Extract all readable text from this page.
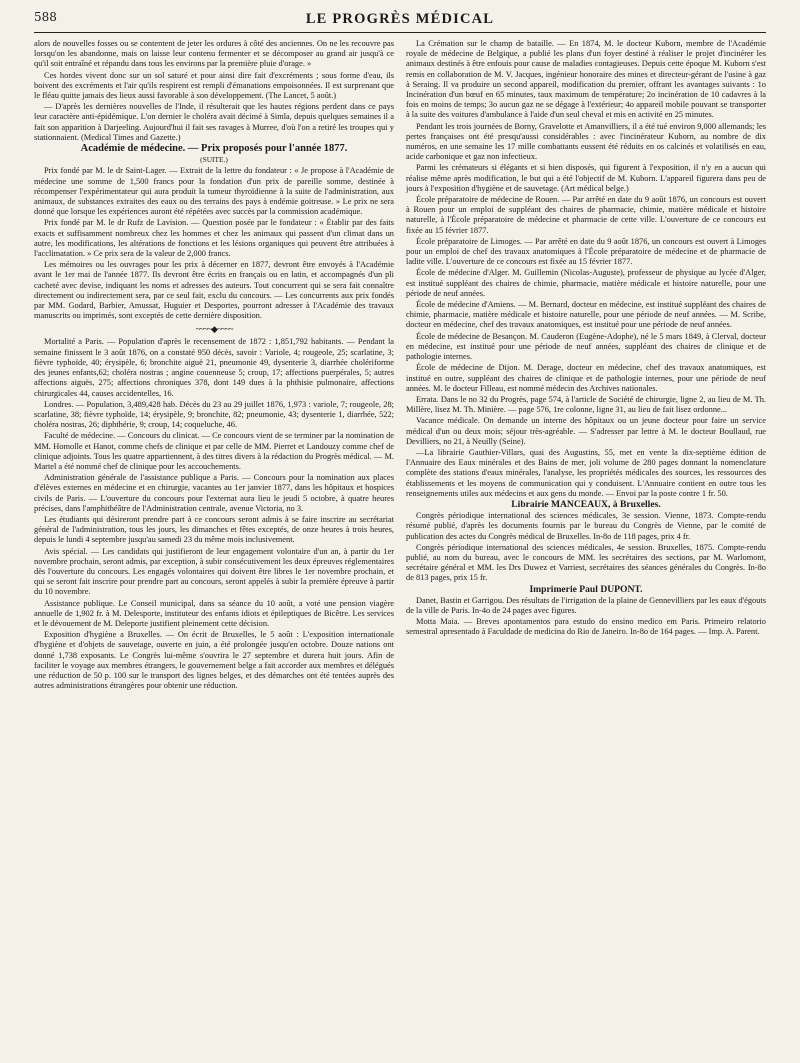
588	LE PROGRÈS MÉDICAL

alors de nouvelles fosses ou se contentent de jeter les ordures à côté des anciennes. On ne les recouvre pas lorsqu'on les abandonne, mais on laisse leur contenu fermenter et se décomposer au grand air jusqu'à ce qu'il soit entraîné et répandu dans tous les environs par la première pluie d'orage. »

Ces hordes vivent donc sur un sol saturé et pour ainsi dire fait d'excréments ; sous forme d'eau, ils boivent des excréments et l'air qu'ils respirent est rempli d'émanations empoisonnées. Il est surprenant que le fléau quitte jamais des lieux aussi favorable à son développement. (The Lancet, 5 août.)

— D'après les dernières nouvelles de l'Inde, il résulterait que les hautes régions perdent dans ce pays leur caractère anti-épidémique. L'on dernier le choléra avait décimé à Simla, depuis quelques semaines il a fait son apparition à Darjeeling. Aujourd'hui il fait ses ravages à Murree, d'où l'on a retiré les troupes qui y stationnaient. (Medical Times and Gazette.)

Académie de médecine. — Prix proposés pour l'année 1877.

(SUITE.)

Prix fondé par M. le dr Saint-Lager. — Extrait de la lettre du fondateur : « Je propose à l'Académie de médecine une somme de 1,500 francs pour la fondation d'un prix de pareille somme, destinée à récompenser l'expérimentateur qui aura produit la tumeur thyroïdienne à la suite de l'administration, aux animaux, de substances extraites des eaux ou des terrains des pays à endémie goitreuse. » Le prix ne sera donné que lorsque les expériences auront été répétées avec succès par la commission académique.

Prix fondé par M. le dr Rufz de Lavision. — Question posée par le fondateur : « Établir par des faits exacts et suffisamment nombreux chez les hommes et chez les animaux qui passent d'un climat dans un autre, les modifications, les altérations de fonctions et les lésions organiques qui peuvent être attribuées à l'acclimatation. » Ce prix sera de la valeur de 2,000 francs.

Les mémoires ou les ouvrages pour les prix à décerner en 1877, devront être envoyés à l'Académie avant le 1er mai de l'année 1877. Ils devront être écrits en français ou en latin, et accompagnés d'un pli cacheté avec devise, indiquant les noms et adresses des auteurs. Tout concurrent qui se sera fait connaître directement ou indirectement sera, par ce seul fait, exclu du concours. — Les concurrents aux prix fondés par MM. Godard, Barbier, Amussat, Huguier et Desportes, pourront adresser à l'Académie des travaux manuscrits ou imprimés, sont exceptés de cette dernière disposition.

~~~~◆~~~~

Mortalité a Paris. — Population d'après le recensement de 1872 : 1,851,792 habitants. — Pendant la semaine finissent le 3 août 1876, on a constaté 950 décès, savoir : Variole, 4; rougeole, 25; scarlatine, 3; fièvre typhoïde, 40; érysipèle, 6; bronchite aiguë 21, pneumonie 49, dysenterie 3, diarrhée cholériforme des jeunes enfants,62; choléra nostras ; angine couenneuse 5; croup, 17; affections puerpérales, 5; autres affections aiguës, 275; affections chroniques 378, dont 149 dues à la phthisie pulmonaire, affections chirurgicales 44, causes accidentelles, 16.

Londres. — Population, 3,489,428 hab. Décès du 23 au 29 juillet 1876, 1,973 : variole, 7; rougeole, 28; scarlatine, 38; fièvre typhoïde, 14; érysipèle, 9; bronchite, 82; pneumonie, 43; dysenterie 1, diarrhée, 522; choléra nostras, 26; diphthérie, 9; croup, 14; coqueluche, 46.

Faculté de médecine. — Concours du clinicat. — Ce concours vient de se terminer par la nomination de MM. Homolle et Hanot, comme chefs de clinique et par celle de MM. Pierret et Landouzy comme chef de clinique adjoints. Tous les quatre appartiennent, à des titres divers à la rédaction du Progrès médical. — M. Martel a été nommé chef de clinique pour les accouchements.

Administration générale de l'assistance publique a Paris. — Concours pour la nomination aux places d'élèves externes en médecine et en chirurgie, vacantes au 1er janvier 1877, dans les hôpitaux et hospices civils de Paris. — L'ouverture du concours pour l'externat aura lieu le jeudi 5 octobre, à quatre heures précises, dans l'amphithéâtre de l'Administration centrale, avenue Victoria, no 3.

Les étudiants qui désireront prendre part à ce concours seront admis à se faire inscrire au secrétariat général de l'administration, tous les jours, les dimanches et fêtes exceptés, de onze heures à trois heures, depuis le lundi 4 septembre jusqu'au samedi 23 du même mois inclusivement.

Avis spécial. — Les candidats qui justifieront de leur engagement volontaire d'un an, à partir du 1er novembre prochain, seront admis, par exception, à subir consécutivement les deux épreuves réglementaires dès l'ouverture du concours. Les engagés volontaires qui doivent être libres le 1er novembre prochain, et qui se seront fait inscrire pour prendre part au concours, seront appelés à subir la première épreuve à partir du 10 novembre.

Assistance publique. Le Conseil municipal, dans sa séance du 10 août, a voté une pension viagère annuelle de 1,902 fr. à M. Delesporte, instituteur des enfants idiots et épileptiques de Bicêtre. Les services et le dévouement de M. Deleporte justifient pleinement cette décision.

Exposition d'hygiène a Bruxelles. — On écrit de Bruxelles, le 5 août : L'exposition internationale d'hygiène et d'objets de sauvetage, ouverte en juin, a été prolongée jusqu'en octobre. Douze nations ont donné 1,738 exposants. Le Congrès lui-même s'ouvrira le 27 septembre et durera huit jours. Afin de faciliter le voyage aux membres étrangers, le gouvernement belge a fait accorder aux membres et délégués une réduction de 50 p. 100 sur le transport des lignes belges, et des démarches ont été tentées auprès des autres administrations étrangères pour obtenir une réduction.

La Crémation sur le champ de bataille. — En 1874, M. le docteur Kuborn, membre de l'Académie royale de médecine de Belgique, a publié les plans d'un foyer destiné à réaliser le projet d'incinérer les animaux destinés à être enfouis pour cause de maladies contagieuses. Depuis cette époque M. Kuborn s'est remis en collaboration de M. V. Jacques, ingénieur honoraire des mines et directeur-gérant de l'usine à gaz à Seraing. Il va produire un second appareil, modification du premier, offrant les avantages suivants : 1o Incinération d'un bœuf en 65 minutes, taux maximum de température; 2o incinération de 10 cadavres à la fois en moins de temps; 3o aucun gaz ne se dégage à l'extérieur; 4o appareil mobile pouvant se transporter à la suite des voitures d'ambulance à l'aide d'un seul cheval et mis en activité en 25 minutes.

Pendant les trois journées de Borny, Gravelotte et Amanvilliers, il a été tué environ 9,000 allemands; les pertes françaises ont été presqu'aussi considérables : avec l'incinérateur Kuborn, au nombre de dix numéros, en une semaine les 17 mille combattants eussent été réduits en os calcinés et volatilisés en eau, acide carbonique et gaz non infectieux.

Parmi les crémateurs si élégants et si bien disposés, qui figurent à l'exposition, il n'y en a aucun qui réalise même après modification, le but qui a été l'objectif de M. Kuborn. L'appareil figurera dans peu de jours à l'exposition d'hygiène et de sauvetage. (Art médical belge.)

École préparatoire de médecine de Rouen. — Par arrêté en date du 9 août 1876, un concours est ouvert à Rouen pour un emploi de suppléant des chaires de pharmacie, chimie, matière médicale et histoire naturelle, à l'École préparatoire de médecine et pharmacie de cette ville. L'ouverture de ce concours est fixée au 15 février 1877.

École préparatoire de Limoges. — Par arrêté en date du 9 août 1876, un concours est ouvert à Limoges pour un emploi de chef des travaux anatomiques à l'École préparatoire de médecine et de pharmacie de ladite ville. L'ouverture de ce concours est fixée au 15 février 1877.

École de médecine d'Alger. M. Guillemin (Nicolas-Auguste), professeur de physique au lycée d'Alger, est institué suppléant des chaires de chimie, pharmacie, matière médicale et histoire naturelle, pour une période de neuf années.

École de médecine d'Amiens. — M. Bernard, docteur en médecine, est institué suppléant des chaires de chimie, pharmacie, matière médicale et histoire naturelle, pour une période de neuf années. — M. Scribe, docteur en médecine, chef des travaux anatomiques, est institué pour une période de neuf années.

École de médecine de Besançon. M. Cauderon (Eugène-Adophe), né le 5 mars 1849, à Clerval, docteur en médecine, est institué pour une période de neuf années, suppléant des chaires de clinique et de pathologie internes.

École de médecine de Dijon. M. Derage, docteur en médecine, chef des travaux anatomiques, est institué en outre, suppléant des chaires de clinique et de pathologie internes, pour une période de neuf années. M. le docteur Filleau, est nommé médecin des Archives nationales.

Errata. Dans le no 32 du Progrès, page 574, à l'article de Société de chirurgie, ligne 2, au lieu de M. Th. Millère, lisez M. Th. Minière. — page 576, 1re colonne, ligne 31, au lieu de fait lisez ordonne...

Vacance médicale. On demande un interne des hôpitaux ou un jeune docteur pour faire un service médical d'un ou deux mois; séjour très-agréable. — S'adresser par lettre à M. le docteur Boullaud, rue Devilliers, no 21, à Neuilly (Seine).

—La librairie Gauthier-Villars, quai des Augustins, 55, met en vente la dix-septième édition de l'Annuaire des Eaux minérales et des Bains de mer, joli volume de 280 pages donnant la nomenclature complète des stations d'eaux minérales, l'analyse, les propriétés médicales des sources, les ressources des établissements et les moyens de communication qui y conduisent. L'Annuaire contient en outre tous les renseignements utiles aux médecins et aux gens du monde. — Envoi par la poste contre 1 fr. 50.

Librairie MANCEAUX, à Bruxelles.

Congrès périodique international des sciences médicales, 3e session. Vienne, 1873. Compte-rendu résumé publié, d'après les documents fournis par le bureau du Congrès de Vienne, par le comité de publication des actes du Congrès médical de Bruxelles. In-8o de 118 pages, prix 4 fr.

Congrès périodique international des sciences médicales, 4e session. Bruxelles, 1875. Compte-rendu publié, au nom du bureau, avec le concours de MM. les secrétaires des sections, par M. Warlomont, secrétaire général et MM. les Drs Duwez et Varriest, secrétaires des séances générales du Congrès. In-8o de 813 pages, prix 15 fr.

Imprimerie Paul DUPONT.

Danet, Bastin et Garrigou. Des résultats de l'irrigation de la plaine de Gennevilliers par les eaux d'égouts de la ville de Paris. In-4o de 24 pages avec figures.

Motta Maia. — Breves apontamentos para estudo do ensino medico em Paris. Primeiro relatorio semestral apresentado à Faculdade de medicina do Rio de Janeiro. In-8o de 164 pages. — Imp. A. Parent.
